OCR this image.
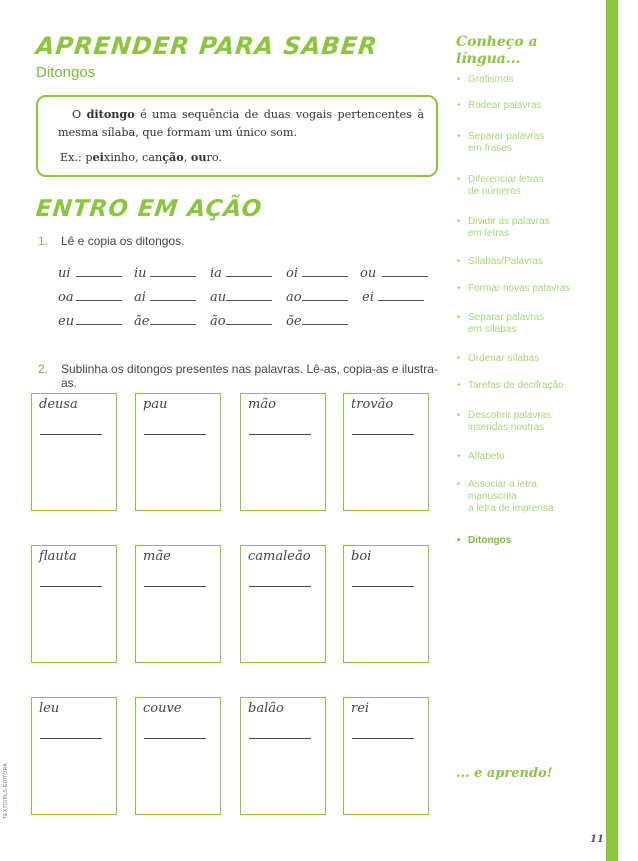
APRENDER PARA SABER
Ditongos

O ditongo é uma sequência de duas vogais pertencentes à mesma sílaba, que formam um único som.

Ex.: peixinho, canção, ouro.

ENTRO EM AÇÃO
1. Lê e copia os ditongos.
ui	iu	ia	oi	ou
oa	ai	au	ao	ei
eu	ãe	ão	õe
2. Sublinha os ditongos presentes nas palavras. Lê-as, copia-as e ilustra-as.
deusa	pau	mão	trovão
flauta	mãe	camaleão	boi
leu	couve	balão	rei
TEXTO/PLS-EDITORA
Conheço a
língua...
• Grafismos
• Rodear palavras
• Separar palavras
em frases
• Diferenciar letras
de números
• Dividir as palavras
em letras
• Sílabas/Palavras
• Formar novas palavras
• Separar palavras
em sílabas
• Ordenar sílabas
• Tarefas de decifração
• Descobrir palavras
inseridas noutras
• Alfabeto
• Associar a letra
manuscrita
a letra de imprensa
• Ditongos
... e aprendo!
11
